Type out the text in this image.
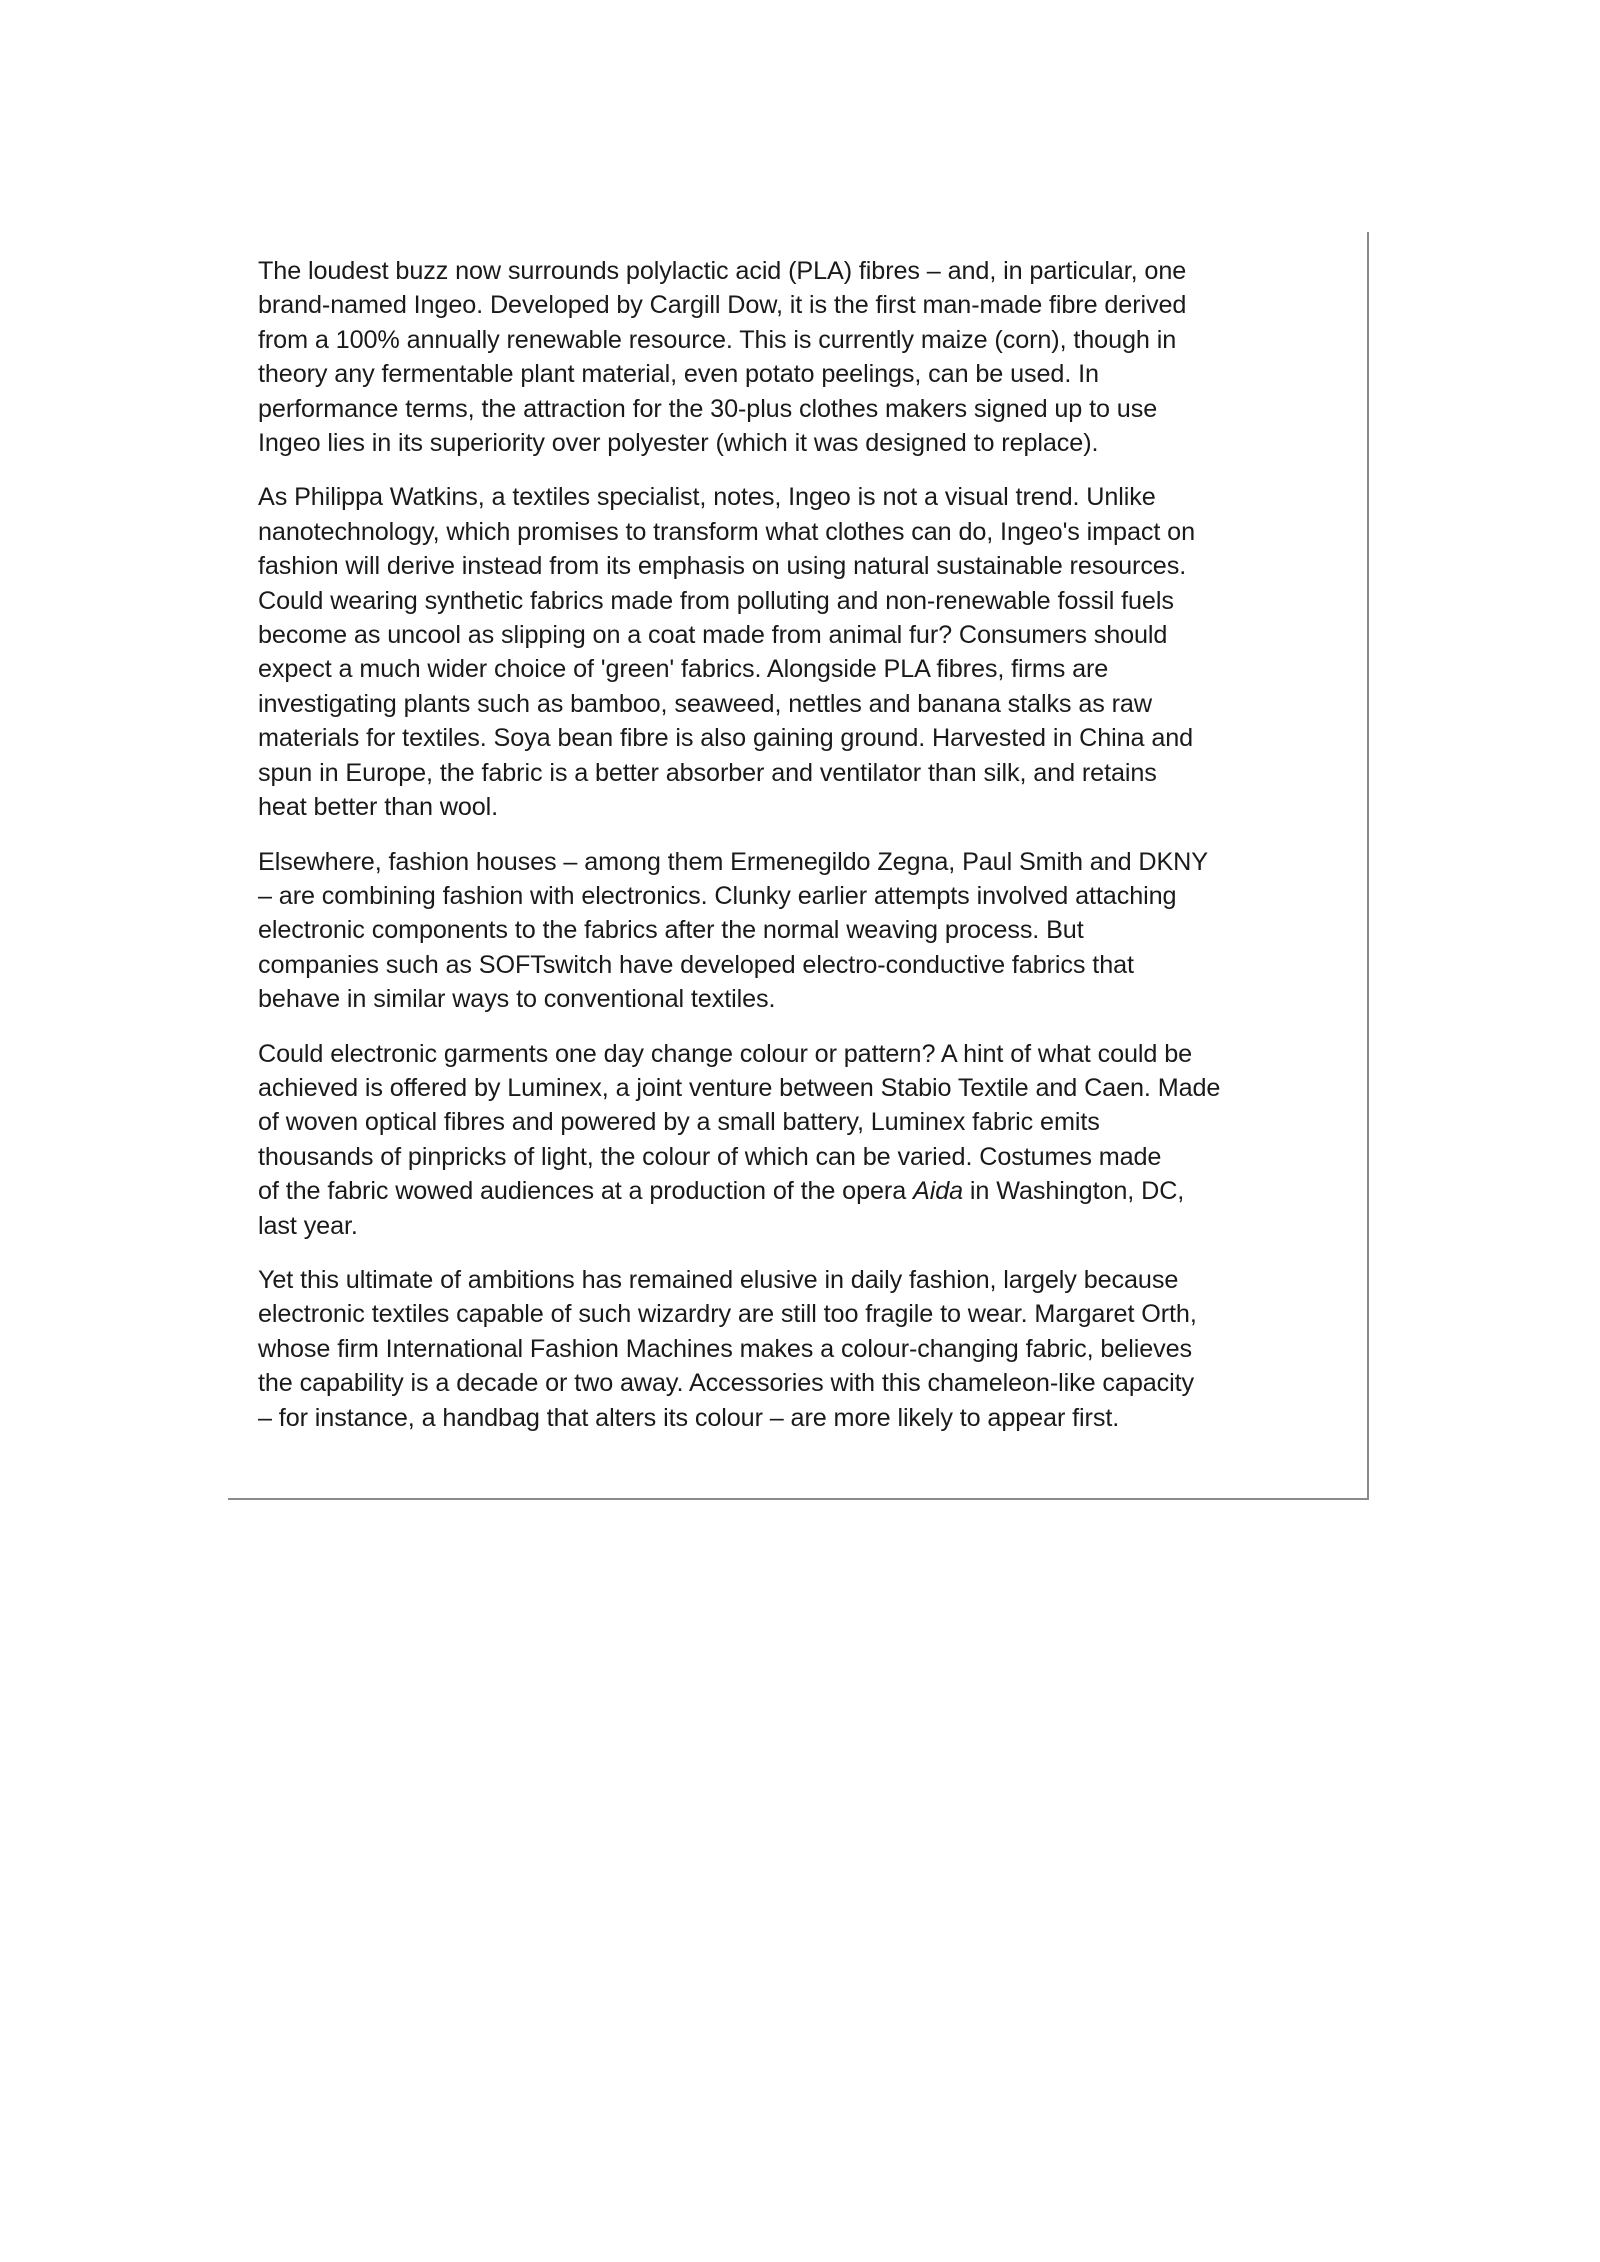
The loudest buzz now surrounds polylactic acid (PLA) fibres – and, in particular, one
brand-named Ingeo. Developed by Cargill Dow, it is the first man-made fibre derived
from a 100% annually renewable resource. This is currently maize (corn), though in
theory any fermentable plant material, even potato peelings, can be used. In
performance terms, the attraction for the 30-plus clothes makers signed up to use
Ingeo lies in its superiority over polyester (which it was designed to replace).

As Philippa Watkins, a textiles specialist, notes, Ingeo is not a visual trend. Unlike
nanotechnology, which promises to transform what clothes can do, Ingeo's impact on
fashion will derive instead from its emphasis on using natural sustainable resources.
Could wearing synthetic fabrics made from polluting and non-renewable fossil fuels
become as uncool as slipping on a coat made from animal fur? Consumers should
expect a much wider choice of 'green' fabrics. Alongside PLA fibres, firms are
investigating plants such as bamboo, seaweed, nettles and banana stalks as raw
materials for textiles. Soya bean fibre is also gaining ground. Harvested in China and
spun in Europe, the fabric is a better absorber and ventilator than silk, and retains
heat better than wool.

Elsewhere, fashion houses – among them Ermenegildo Zegna, Paul Smith and DKNY
– are combining fashion with electronics. Clunky earlier attempts involved attaching
electronic components to the fabrics after the normal weaving process. But
companies such as SOFTswitch have developed electro-conductive fabrics that
behave in similar ways to conventional textiles.

Could electronic garments one day change colour or pattern? A hint of what could be
achieved is offered by Luminex, a joint venture between Stabio Textile and Caen. Made
of woven optical fibres and powered by a small battery, Luminex fabric emits
thousands of pinpricks of light, the colour of which can be varied. Costumes made
of the fabric wowed audiences at a production of the opera Aida in Washington, DC,
last year.

Yet this ultimate of ambitions has remained elusive in daily fashion, largely because
electronic textiles capable of such wizardry are still too fragile to wear. Margaret Orth,
whose firm International Fashion Machines makes a colour-changing fabric, believes
the capability is a decade or two away. Accessories with this chameleon-like capacity
– for instance, a handbag that alters its colour – are more likely to appear first.
